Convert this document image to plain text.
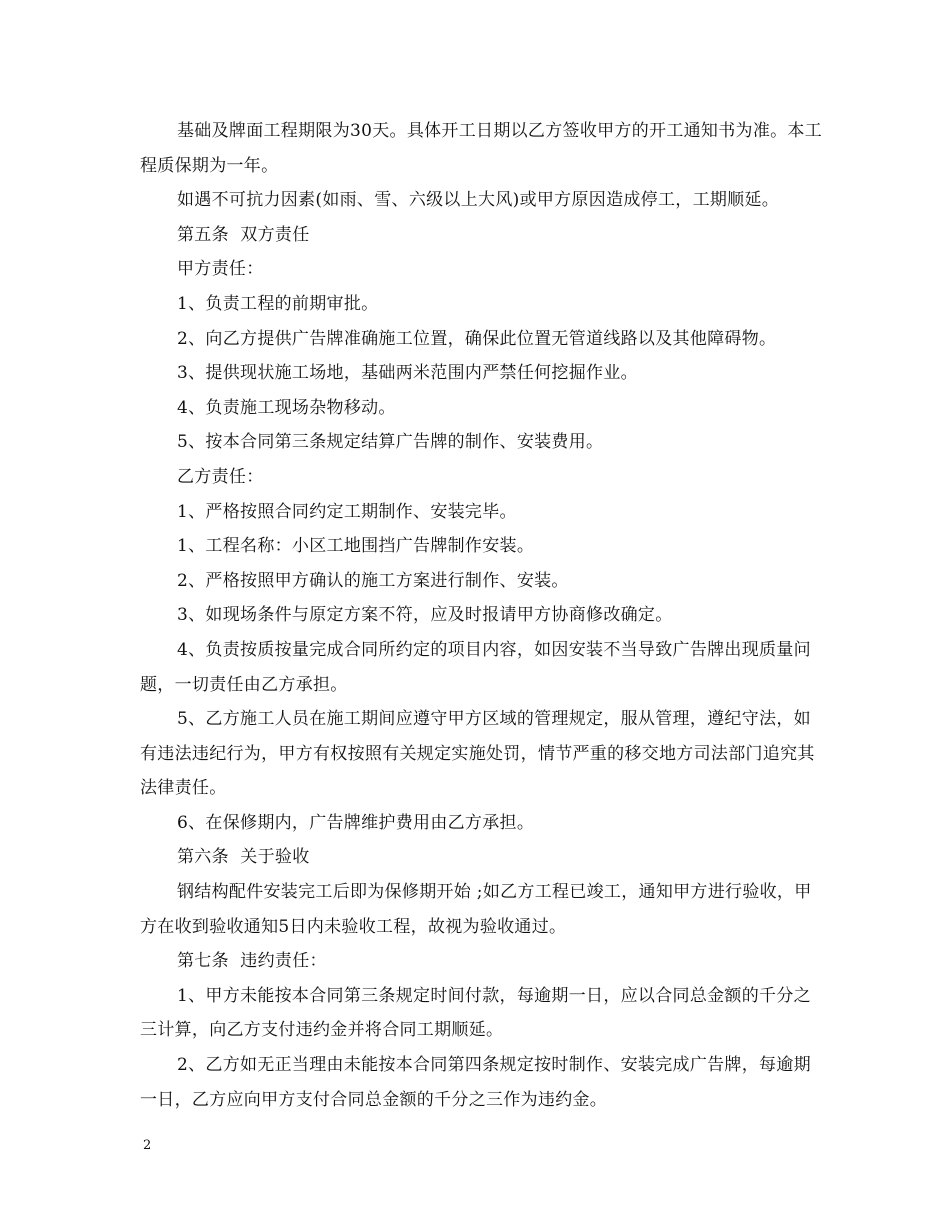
基础及牌面工程期限为30天。具体开工日期以乙方签收甲方的开工通知书为准。本工程质保期为一年。

如遇不可抗力因素(如雨、雪、六级以上大风)或甲方原因造成停工，工期顺延。

第五条  双方责任

甲方责任：

1、负责工程的前期审批。

2、向乙方提供广告牌准确施工位置，确保此位置无管道线路以及其他障碍物。

3、提供现状施工场地，基础两米范围内严禁任何挖掘作业。

4、负责施工现场杂物移动。

5、按本合同第三条规定结算广告牌的制作、安装费用。

乙方责任：

1、严格按照合同约定工期制作、安装完毕。

1、工程名称：小区工地围挡广告牌制作安装。

2、严格按照甲方确认的施工方案进行制作、安装。

3、如现场条件与原定方案不符，应及时报请甲方协商修改确定。

4、负责按质按量完成合同所约定的项目内容，如因安装不当导致广告牌出现质量问题，一切责任由乙方承担。

5、乙方施工人员在施工期间应遵守甲方区域的管理规定，服从管理，遵纪守法，如有违法违纪行为，甲方有权按照有关规定实施处罚，情节严重的移交地方司法部门追究其法律责任。

6、在保修期内，广告牌维护费用由乙方承担。

第六条  关于验收

钢结构配件安装完工后即为保修期开始 ;如乙方工程已竣工，通知甲方进行验收，甲方在收到验收通知5日内未验收工程，故视为验收通过。

第七条  违约责任：

1、甲方未能按本合同第三条规定时间付款，每逾期一日，应以合同总金额的千分之三计算，向乙方支付违约金并将合同工期顺延。

2、乙方如无正当理由未能按本合同第四条规定按时制作、安装完成广告牌，每逾期一日，乙方应向甲方支付合同总金额的千分之三作为违约金。

2
